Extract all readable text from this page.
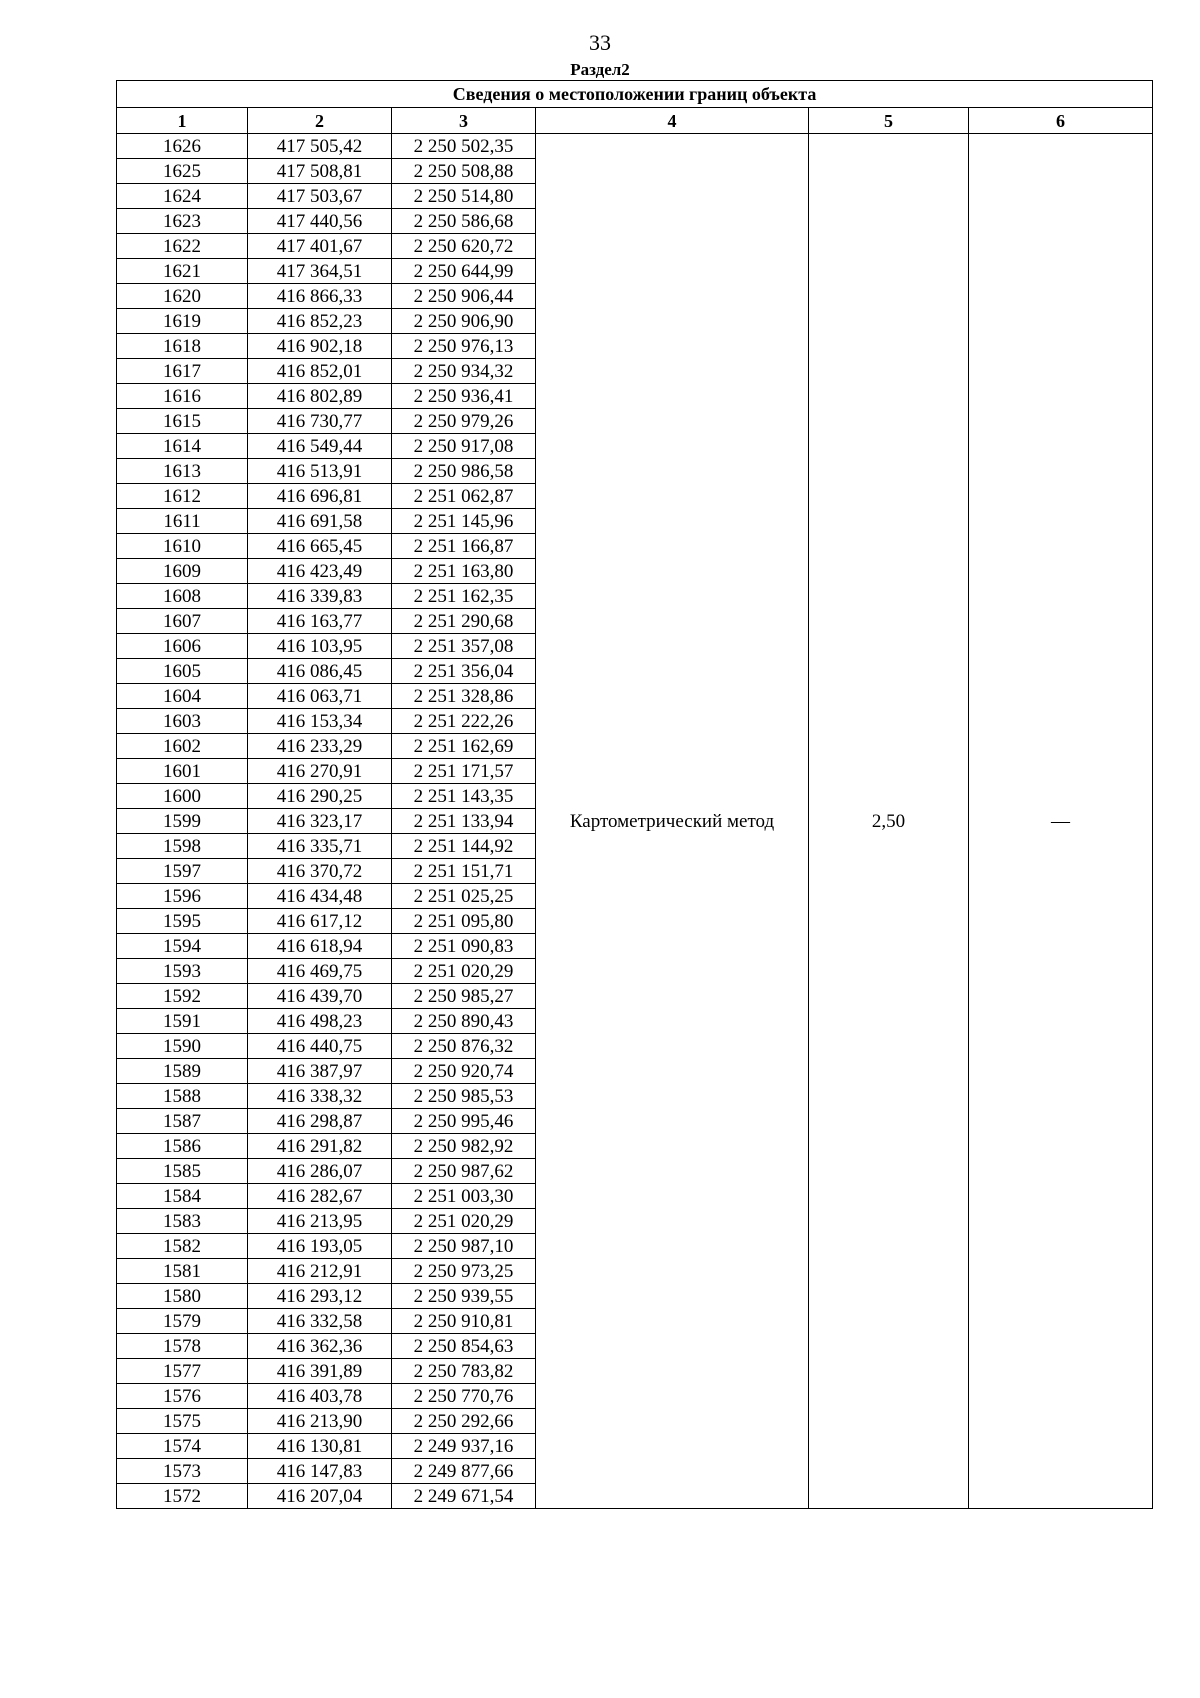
33
Раздел2
Сведения о местоположении границ объекта					
1	2	3	4	5	6
1626	417 505,42	2 250 502,35	Картометрический метод	2,50	—
1625	417 508,81	2 250 508,88			
1624	417 503,67	2 250 514,80			
1623	417 440,56	2 250 586,68			
1622	417 401,67	2 250 620,72			
1621	417 364,51	2 250 644,99			
1620	416 866,33	2 250 906,44			
1619	416 852,23	2 250 906,90			
1618	416 902,18	2 250 976,13			
1617	416 852,01	2 250 934,32			
1616	416 802,89	2 250 936,41			
1615	416 730,77	2 250 979,26			
1614	416 549,44	2 250 917,08			
1613	416 513,91	2 250 986,58			
1612	416 696,81	2 251 062,87			
1611	416 691,58	2 251 145,96			
1610	416 665,45	2 251 166,87			
1609	416 423,49	2 251 163,80			
1608	416 339,83	2 251 162,35			
1607	416 163,77	2 251 290,68			
1606	416 103,95	2 251 357,08			
1605	416 086,45	2 251 356,04			
1604	416 063,71	2 251 328,86			
1603	416 153,34	2 251 222,26			
1602	416 233,29	2 251 162,69			
1601	416 270,91	2 251 171,57			
1600	416 290,25	2 251 143,35			
1599	416 323,17	2 251 133,94			
1598	416 335,71	2 251 144,92			
1597	416 370,72	2 251 151,71			
1596	416 434,48	2 251 025,25			
1595	416 617,12	2 251 095,80			
1594	416 618,94	2 251 090,83			
1593	416 469,75	2 251 020,29			
1592	416 439,70	2 250 985,27			
1591	416 498,23	2 250 890,43			
1590	416 440,75	2 250 876,32			
1589	416 387,97	2 250 920,74			
1588	416 338,32	2 250 985,53			
1587	416 298,87	2 250 995,46			
1586	416 291,82	2 250 982,92			
1585	416 286,07	2 250 987,62			
1584	416 282,67	2 251 003,30			
1583	416 213,95	2 251 020,29			
1582	416 193,05	2 250 987,10			
1581	416 212,91	2 250 973,25			
1580	416 293,12	2 250 939,55			
1579	416 332,58	2 250 910,81			
1578	416 362,36	2 250 854,63			
1577	416 391,89	2 250 783,82			
1576	416 403,78	2 250 770,76			
1575	416 213,90	2 250 292,66			
1574	416 130,81	2 249 937,16			
1573	416 147,83	2 249 877,66			
1572	416 207,04	2 249 671,54			
